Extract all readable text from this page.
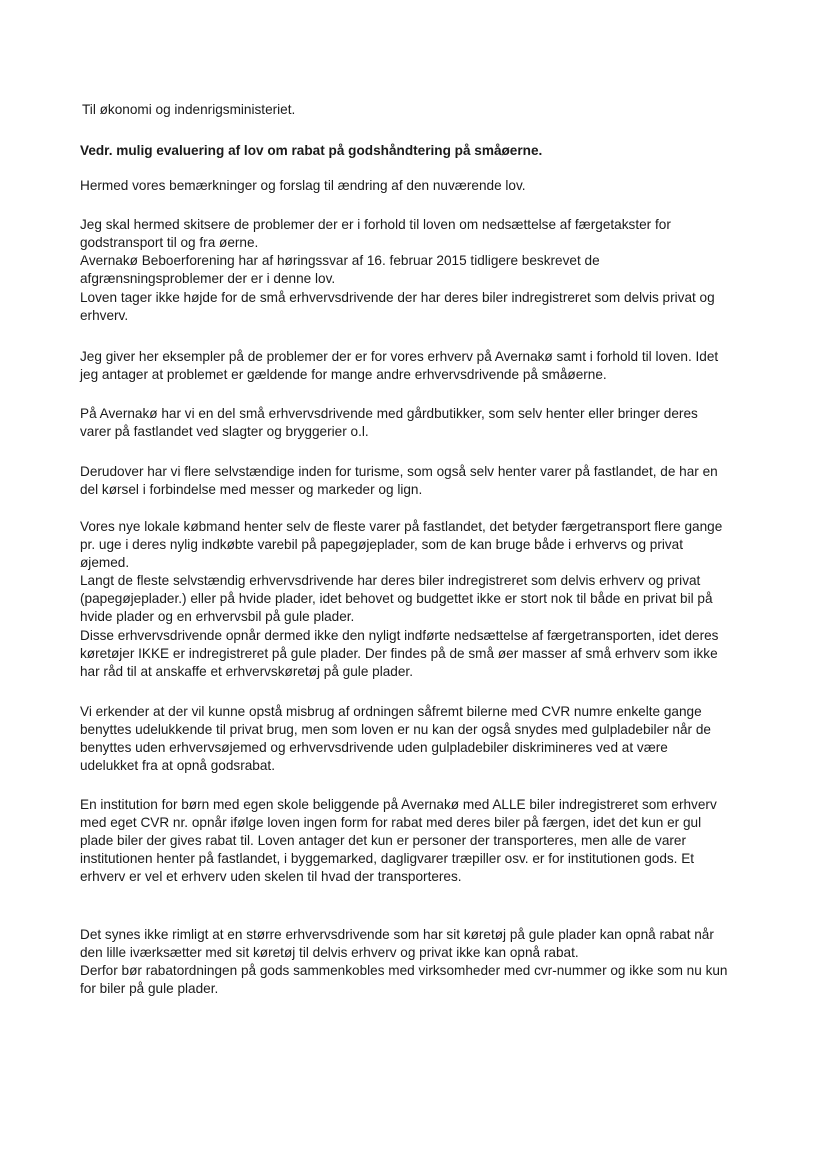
Til økonomi og indenrigsministeriet.
Vedr. mulig evaluering af lov om rabat på godshåndtering på småøerne.
Hermed vores bemærkninger og forslag til ændring af den nuværende lov.
Jeg skal hermed skitsere de problemer der er i forhold til loven om nedsættelse af færgetakster for
godstransport til og fra øerne.
Avernakø Beboerforening har af høringssvar af 16. februar 2015 tidligere beskrevet de
afgrænsningsproblemer der er i denne lov.
Loven tager ikke højde for de små erhvervsdrivende der har deres biler indregistreret som delvis privat og
erhverv.
Jeg giver her eksempler på de problemer der er for vores erhverv på Avernakø samt i forhold til loven. Idet
jeg antager at problemet er gældende for mange andre erhvervsdrivende på småøerne.
På Avernakø har vi en del små erhvervsdrivende med gårdbutikker, som selv henter eller bringer deres
varer på fastlandet ved slagter og bryggerier o.l.
Derudover har vi flere selvstændige inden for turisme, som også selv henter varer på fastlandet, de har en
del kørsel i forbindelse med messer og markeder og lign.
Vores nye lokale købmand henter selv de fleste varer på fastlandet, det betyder færgetransport flere gange
pr. uge i deres nylig indkøbte varebil på papegøjeplader, som de kan bruge både i erhvervs og privat
øjemed.
Langt de fleste selvstændig erhvervsdrivende har deres biler indregistreret som delvis erhverv og privat
(papegøjeplader.) eller på hvide plader, idet behovet og budgettet ikke er stort nok til både en privat bil på
hvide plader og en erhvervsbil på gule plader.
Disse erhvervsdrivende opnår dermed ikke den nyligt indførte nedsættelse af færgetransporten, idet deres
køretøjer IKKE er indregistreret på gule plader. Der findes på de små øer masser af små erhverv som ikke
har råd til at anskaffe et erhvervskøretøj på gule plader.
Vi erkender at der vil kunne opstå misbrug af ordningen såfremt bilerne med CVR numre enkelte gange
benyttes udelukkende til privat brug, men som loven er nu kan der også snydes med gulpladebiler når de
benyttes uden erhvervsøjemed og erhvervsdrivende uden gulpladebiler diskrimineres ved at være
udelukket fra at opnå godsrabat.
En institution for børn med egen skole beliggende på Avernakø med ALLE biler indregistreret som erhverv
med eget CVR nr. opnår ifølge loven ingen form for rabat med deres biler på færgen, idet det kun er gul
plade biler der gives rabat til. Loven antager det kun er personer der transporteres, men alle de varer
institutionen henter på fastlandet, i byggemarked, dagligvarer træpiller osv. er for institutionen gods. Et
erhverv er vel et erhverv uden skelen til hvad der transporteres.
Det synes ikke rimligt at en større erhvervsdrivende som har sit køretøj på gule plader kan opnå rabat når
den lille iværksætter med sit køretøj til delvis erhverv og privat ikke kan opnå rabat.
Derfor bør rabatordningen på gods sammenkobles med virksomheder med cvr-nummer og ikke som nu kun
for biler på gule plader.
